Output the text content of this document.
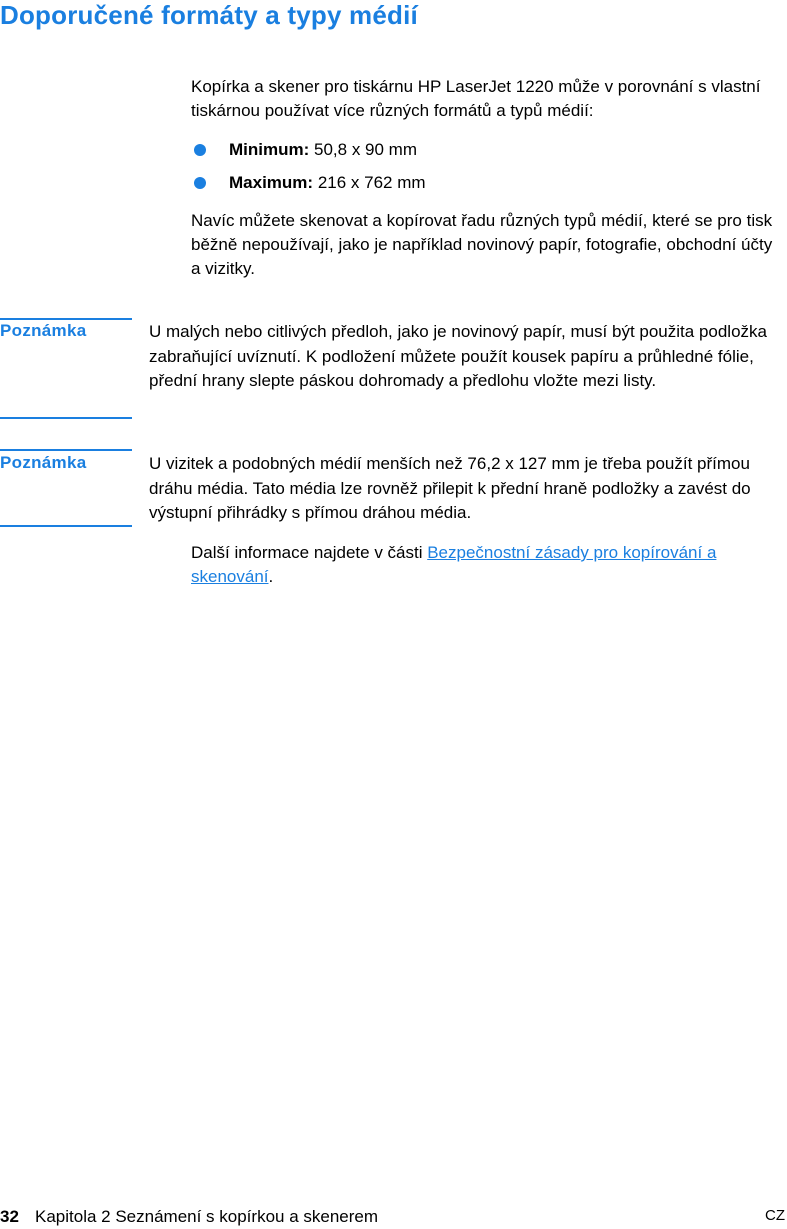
Doporučené formáty a typy médií

Kopírka a skener pro tiskárnu HP LaserJet 1220 může v porovnání s vlastní tiskárnou používat více různých formátů a typů médií:

Minimum: 50,8 x 90 mm
Maximum: 216 x 762 mm

Navíc můžete skenovat a kopírovat řadu různých typů médií, které se pro tisk běžně nepoužívají, jako je například novinový papír, fotografie, obchodní účty a vizitky.

Poznámka	U malých nebo citlivých předloh, jako je novinový papír, musí být použita podložka zabraňující uvíznutí. K podložení můžete použít kousek papíru a průhledné fólie, přední hrany slepte páskou dohromady a předlohu vložte mezi listy.

Poznámka	U vizitek a podobných médií menších než 76,2 x 127 mm je třeba použít přímou dráhu média. Tato média lze rovněž přilepit k přední hraně podložky a zavést do výstupní přihrádky s přímou dráhou média.

Další informace najdete v části Bezpečnostní zásady pro kopírování a skenování.

32 Kapitola 2 Seznámení s kopírkou a skenerem	CZ
